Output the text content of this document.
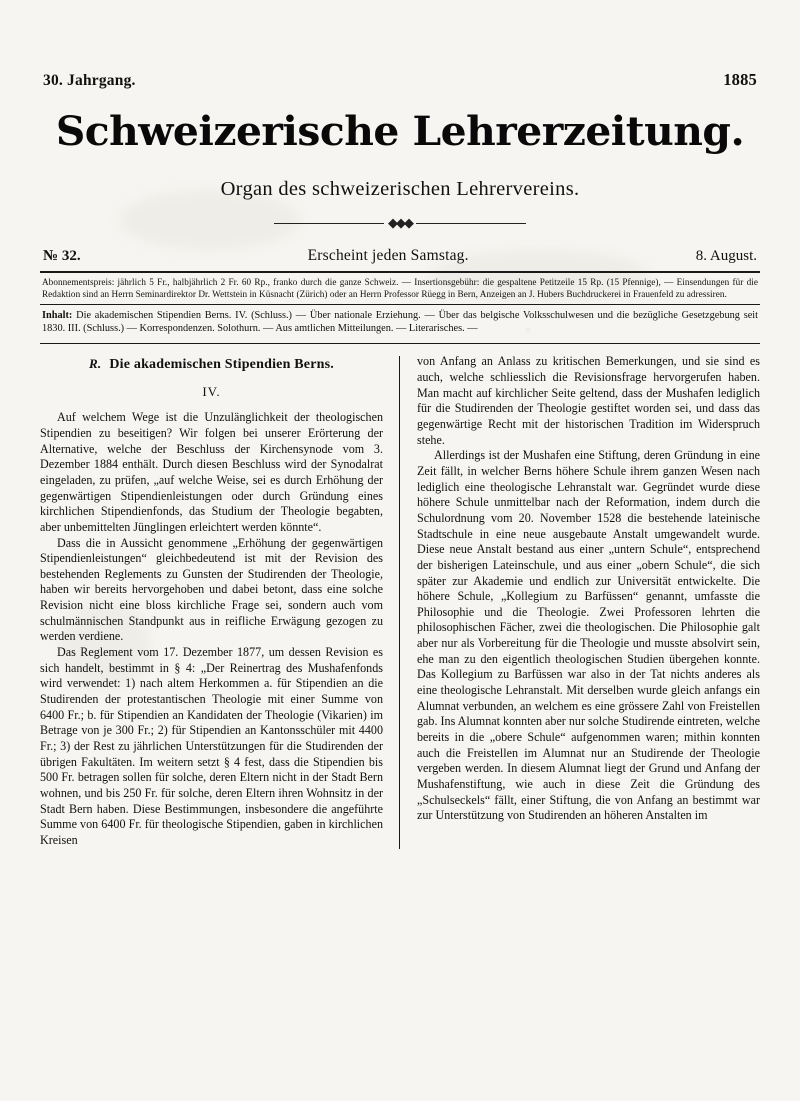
30. Jahrgang.	1885
Schweizerische Lehrerzeitung.
Organ des schweizerischen Lehrervereins.
◆◆◆
№ 32.	Erscheint jeden Samstag.	8. August.
Abonnementspreis: jährlich 5 Fr., halbjährlich 2 Fr. 60 Rp., franko durch die ganze Schweiz. — Insertionsgebühr: die gespaltene Petitzeile 15 Rp. (15 Pfennige), — Einsendungen für die Redaktion sind an Herrn Seminardirektor Dr. Wettstein in Küsnacht (Zürich) oder an Herrn Professor Rüegg in Bern, Anzeigen an J. Hubers Buchdruckerei in Frauenfeld zu adressiren.
Inhalt: Die akademischen Stipendien Berns. IV. (Schluss.) — Über nationale Erziehung. — Über das belgische Volksschulwesen und die bezügliche Gesetzgebung seit 1830. III. (Schluss.) — Korrespondenzen. Solothurn. — Aus amtlichen Mitteilungen. — Literarisches. —
R. Die akademischen Stipendien Berns.
IV.

Auf welchem Wege ist die Unzulänglichkeit der theologischen Stipendien zu beseitigen? Wir folgen bei unserer Erörterung der Alternative, welche der Beschluss der Kirchensynode vom 3. Dezember 1884 enthält. Durch diesen Beschluss wird der Synodalrat eingeladen, zu prüfen, „auf welche Weise, sei es durch Erhöhung der gegenwärtigen Stipendienleistungen oder durch Gründung eines kirchlichen Stipendienfonds, das Studium der Theologie begabten, aber unbemittelten Jünglingen erleichtert werden könnte“.

Dass die in Aussicht genommene „Erhöhung der gegenwärtigen Stipendienleistungen“ gleichbedeutend ist mit der Revision des bestehenden Reglements zu Gunsten der Studirenden der Theologie, haben wir bereits hervorgehoben und dabei betont, dass eine solche Revision nicht eine bloss kirchliche Frage sei, sondern auch vom schulmännischen Standpunkt aus in reifliche Erwägung gezogen zu werden verdiene.

Das Reglement vom 17. Dezember 1877, um dessen Revision es sich handelt, bestimmt in § 4: „Der Reinertrag des Mushafenfonds wird verwendet: 1) nach altem Herkommen a. für Stipendien an die Studirenden der protestantischen Theologie mit einer Summe von 6400 Fr.; b. für Stipendien an Kandidaten der Theologie (Vikarien) im Betrage von je 300 Fr.; 2) für Stipendien an Kantonsschüler mit 4400 Fr.; 3) der Rest zu jährlichen Unterstützungen für die Studirenden der übrigen Fakultäten. Im weitern setzt § 4 fest, dass die Stipendien bis 500 Fr. betragen sollen für solche, deren Eltern nicht in der Stadt Bern wohnen, und bis 250 Fr. für solche, deren Eltern ihren Wohnsitz in der Stadt Bern haben. Diese Bestimmungen, insbesondere die angeführte Summe von 6400 Fr. für theologische Stipendien, gaben in kirchlichen Kreisen

von Anfang an Anlass zu kritischen Bemerkungen, und sie sind es auch, welche schliesslich die Revisionsfrage hervorgerufen haben. Man macht auf kirchlicher Seite geltend, dass der Mushafen lediglich für die Studirenden der Theologie gestiftet worden sei, und dass das gegenwärtige Recht mit der historischen Tradition im Widerspruch stehe.

Allerdings ist der Mushafen eine Stiftung, deren Gründung in eine Zeit fällt, in welcher Berns höhere Schule ihrem ganzen Wesen nach lediglich eine theologische Lehranstalt war. Gegründet wurde diese höhere Schule unmittelbar nach der Reformation, indem durch die Schulordnung vom 20. November 1528 die bestehende lateinische Stadtschule in eine neue ausgebaute Anstalt umgewandelt wurde. Diese neue Anstalt bestand aus einer „untern Schule“, entsprechend der bisherigen Lateinschule, und aus einer „obern Schule“, die sich später zur Akademie und endlich zur Universität entwickelte. Die höhere Schule, „Kollegium zu Barfüssen“ genannt, umfasste die Philosophie und die Theologie. Zwei Professoren lehrten die philosophischen Fächer, zwei die theologischen. Die Philosophie galt aber nur als Vorbereitung für die Theologie und musste absolvirt sein, ehe man zu den eigentlich theologischen Studien übergehen konnte. Das Kollegium zu Barfüssen war also in der Tat nichts anderes als eine theologische Lehranstalt. Mit derselben wurde gleich anfangs ein Alumnat verbunden, an welchem es eine grössere Zahl von Freistellen gab. Ins Alumnat konnten aber nur solche Studirende eintreten, welche bereits in die „obere Schule“ aufgenommen waren; mithin konnten auch die Freistellen im Alumnat nur an Studirende der Theologie vergeben werden. In diesem Alumnat liegt der Grund und Anfang der Mushafenstiftung, wie auch in diese Zeit die Gründung des „Schulseckels“ fällt, einer Stiftung, die von Anfang an bestimmt war zur Unterstützung von Studirenden an höheren Anstalten im
